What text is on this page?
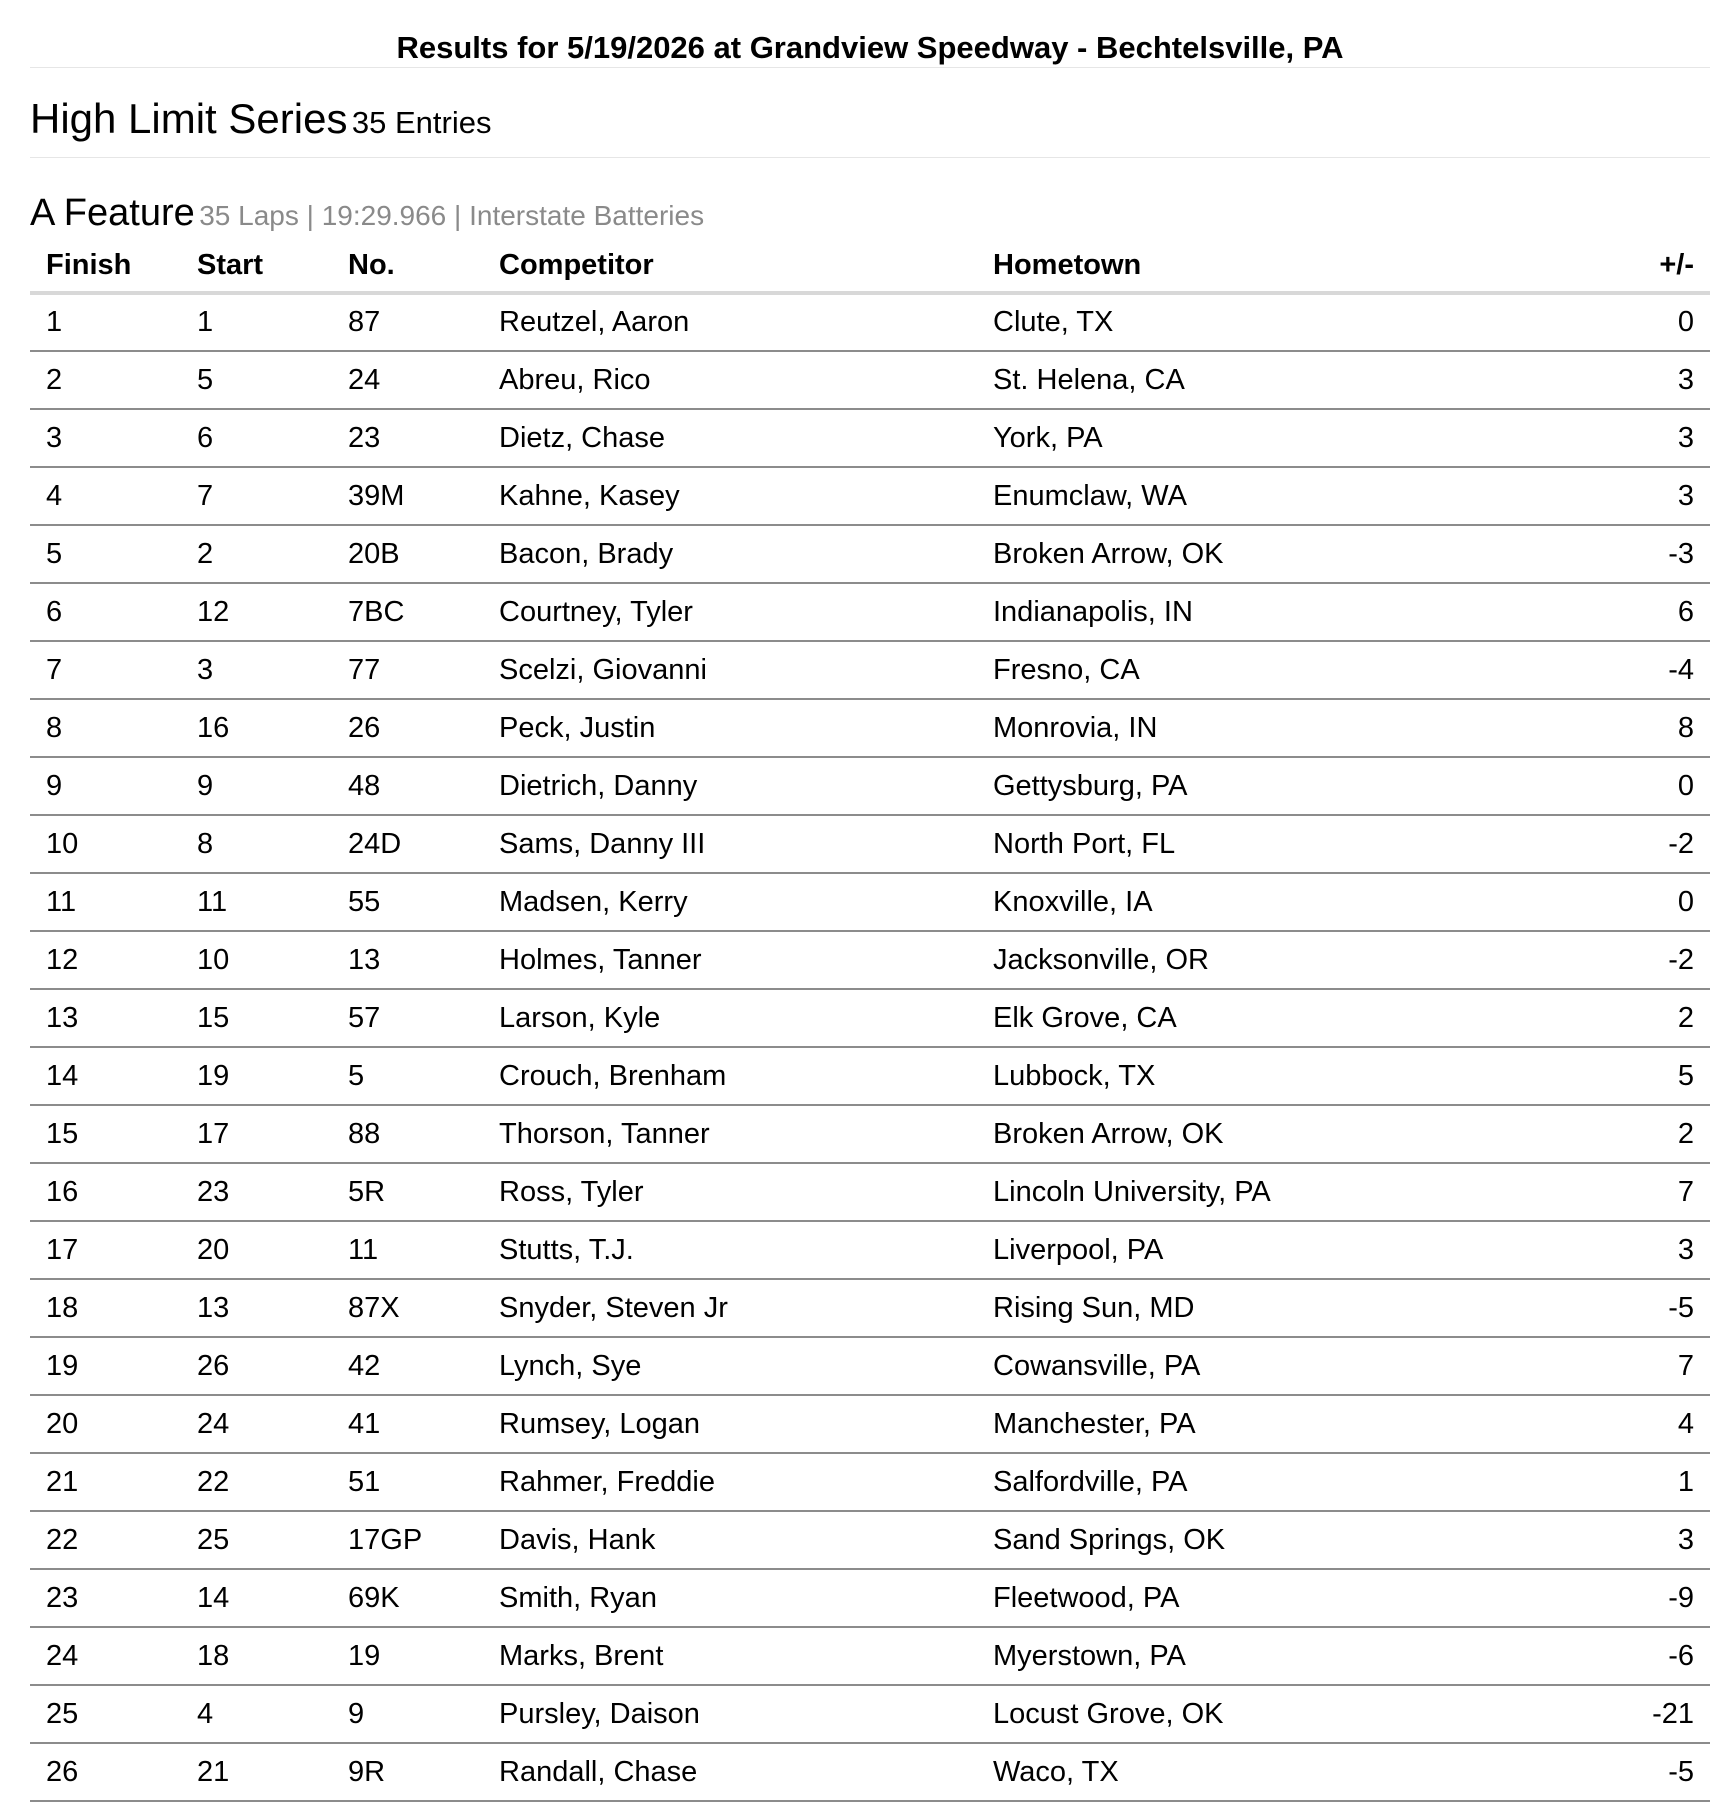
Results for 5/19/2026 at Grandview Speedway - Bechtelsville, PA
High Limit Series 35 Entries
A Feature 35 Laps | 19:29.966 | Interstate Batteries
Finish	Start	No.	Competitor	Hometown	+/-
1	1	87	Reutzel, Aaron	Clute, TX	0
2	5	24	Abreu, Rico	St. Helena, CA	3
3	6	23	Dietz, Chase	York, PA	3
4	7	39M	Kahne, Kasey	Enumclaw, WA	3
5	2	20B	Bacon, Brady	Broken Arrow, OK	-3
6	12	7BC	Courtney, Tyler	Indianapolis, IN	6
7	3	77	Scelzi, Giovanni	Fresno, CA	-4
8	16	26	Peck, Justin	Monrovia, IN	8
9	9	48	Dietrich, Danny	Gettysburg, PA	0
10	8	24D	Sams, Danny III	North Port, FL	-2
11	11	55	Madsen, Kerry	Knoxville, IA	0
12	10	13	Holmes, Tanner	Jacksonville, OR	-2
13	15	57	Larson, Kyle	Elk Grove, CA	2
14	19	5	Crouch, Brenham	Lubbock, TX	5
15	17	88	Thorson, Tanner	Broken Arrow, OK	2
16	23	5R	Ross, Tyler	Lincoln University, PA	7
17	20	11	Stutts, T.J.	Liverpool, PA	3
18	13	87X	Snyder, Steven Jr	Rising Sun, MD	-5
19	26	42	Lynch, Sye	Cowansville, PA	7
20	24	41	Rumsey, Logan	Manchester, PA	4
21	22	51	Rahmer, Freddie	Salfordville, PA	1
22	25	17GP	Davis, Hank	Sand Springs, OK	3
23	14	69K	Smith, Ryan	Fleetwood, PA	-9
24	18	19	Marks, Brent	Myerstown, PA	-6
25	4	9	Pursley, Daison	Locust Grove, OK	-21
26	21	9R	Randall, Chase	Waco, TX	-5
